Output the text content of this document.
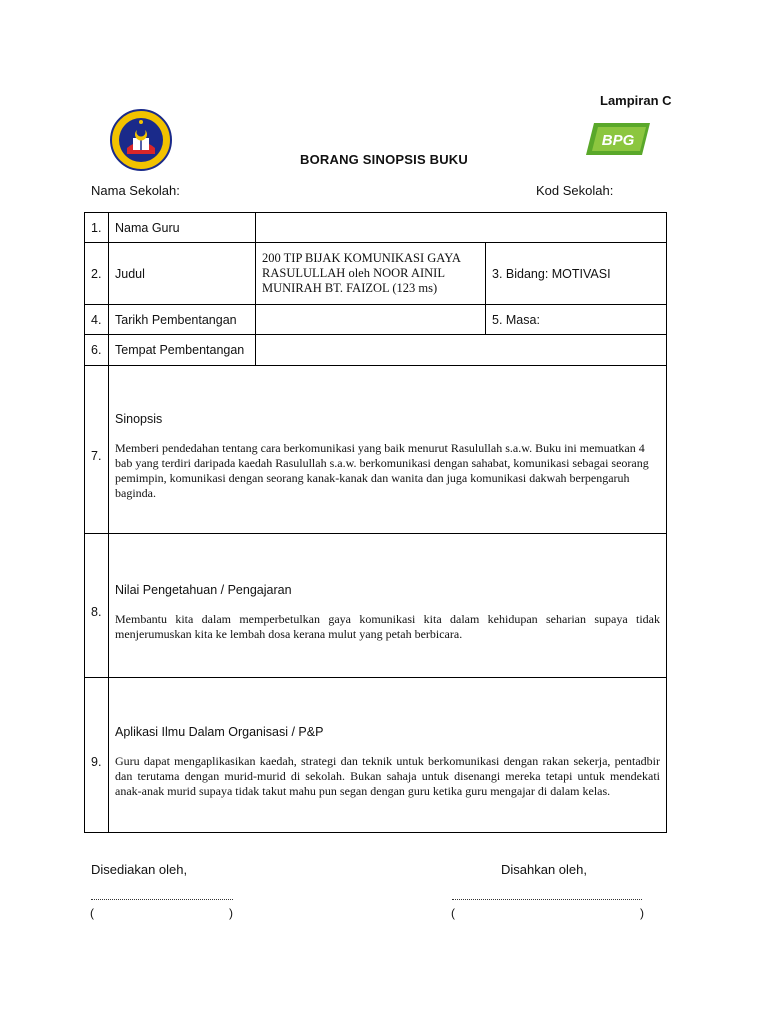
Lampiran C
BPG
BORANG SINOPSIS BUKU
Nama Sekolah:	Kod Sekolah:
1.	Nama Guru		
2.	Judul	200 TIP BIJAK KOMUNIKASI GAYA RASULULLAH oleh NOOR AINIL MUNIRAH BT. FAIZOL (123 ms)	3. Bidang: MOTIVASI
4.	Tarikh Pembentangan		5. Masa:
6.	Tempat Pembentangan		

7.	Sinopsis
Memberi pendedahan tentang cara berkomunikasi yang baik menurut Rasulullah s.a.w. Buku ini memuatkan 4 bab yang terdiri daripada kaedah Rasulullah s.a.w. berkomunikasi dengan sahabat, komunikasi sebagai seorang pemimpin, komunikasi dengan seorang kanak-kanak dan wanita dan juga komunikasi dakwah berpengaruh baginda.		

8.	Nilai Pengetahuan / Pengajaran
Membantu kita dalam memperbetulkan gaya komunikasi kita dalam kehidupan seharian supaya tidak menjerumuskan kita ke lembah dosa kerana mulut yang petah berbicara.		

9.	Aplikasi Ilmu Dalam Organisasi / P&P
Guru dapat mengaplikasikan kaedah, strategi dan teknik untuk berkomunikasi dengan rakan sekerja, pentadbir dan terutama dengan murid-murid di sekolah. Bukan sahaja untuk disenangi mereka tetapi untuk mendekati anak-anak murid supaya tidak takut mahu pun segan dengan guru ketika guru mengajar di dalam kelas.		
Disediakan oleh,	Disahkan oleh,
(	)	(	)
